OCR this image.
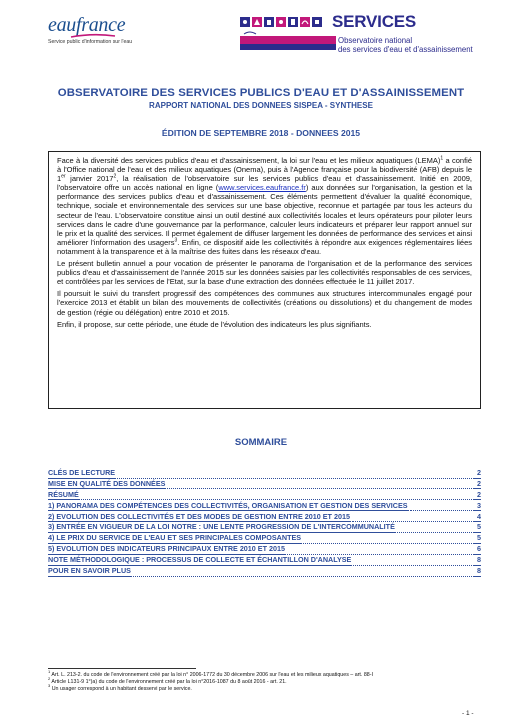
eaufrance
Service public d'information sur l'eau
SERVICES
Observatoire national
des services d'eau et d'assainissement
OBSERVATOIRE DES SERVICES PUBLICS D'EAU ET D'ASSAINISSEMENT
RAPPORT NATIONAL DES DONNEES SISPEA - SYNTHESE
ÉDITION DE SEPTEMBRE 2018 - DONNEES 2015

Face à la diversité des services publics d'eau et d'assainissement, la loi sur l'eau et les milieux aquatiques (LEMA)$^1$ a confié à l'Office national de l'eau et des milieux aquatiques (Onema), puis à l'Agence française pour la biodiversité (AFB) depuis le 1er janvier 2017$^2$, la réalisation de l'observatoire sur les services publics d'eau et d'assainissement. Initié en 2009, l'observatoire offre un accès national en ligne (www.services.eaufrance.fr) aux données sur l'organisation, la gestion et la performance des services publics d'eau et d'assainissement. Ces éléments permettent d'évaluer la qualité économique, technique, sociale et environnementale des services sur une base objective, reconnue et partagée par tous les acteurs du secteur de l'eau. L'observatoire constitue ainsi un outil destiné aux collectivités locales et leurs opérateurs pour piloter leurs services dans le cadre d'une gouvernance par la performance, calculer leurs indicateurs et préparer leur rapport annuel sur le prix et la qualité des services. Il permet également de diffuser largement les données de performance des services et ainsi améliorer l'information des usagers$^3$. Enfin, ce dispositif aide les collectivités à répondre aux exigences réglementaires liées notamment à la transparence et à la maîtrise des fuites dans les réseaux d'eau.

Le présent bulletin annuel a pour vocation de présenter le panorama de l'organisation et de la performance des services publics d'eau et d'assainissement de l'année 2015 sur les données saisies par les collectivités responsables de ces services, et contrôlées par les services de l'Etat, sur la base d'une extraction des données effectuée le 11 juillet 2017.

Il poursuit le suivi du transfert progressif des compétences des communes aux structures intercommunales engagé pour l'exercice 2013 et établit un bilan des mouvements de collectivités (créations ou dissolutions) et du changement de modes de gestion (régie ou délégation) entre 2010 et 2015.

Enfin, il propose, sur cette période, une étude de l'évolution des indicateurs les plus signifiants.

SOMMAIRE
CLÉS DE LECTURE	2
MISE EN QUALITÉ DES DONNÉES	2
RÉSUMÉ	2
1) PANORAMA DES COMPÉTENCES DES COLLECTIVITÉS, ORGANISATION ET GESTION DES SERVICES	3
2) EVOLUTION DES COLLECTIVITÉS ET DES MODES DE GESTION ENTRE 2010 ET 2015	4
3) ENTRÉE EN VIGUEUR DE LA LOI NOTRE : UNE LENTE PROGRESSION DE L'INTERCOMMUNALITÉ	5
4) LE PRIX DU SERVICE DE L'EAU ET SES PRINCIPALES COMPOSANTES	5
5) EVOLUTION DES INDICATEURS PRINCIPAUX ENTRE 2010 ET 2015	6
NOTE MÉTHODOLOGIQUE : PROCESSUS DE COLLECTE ET ÉCHANTILLON D'ANALYSE	8
POUR EN SAVOIR PLUS	8

$^1$ Art. L. 213-2. du code de l'environnement créé par la loi n° 2006-1772 du 30 décembre 2006 sur l'eau et les milieux aquatiques – art. 88-I

$^2$ Article L131-9 1°)a) du code de l'environnement créé par la loi n°2016-1087 du 8 août 2016 - art. 21.

$^3$ Un usager correspond à un habitant desservi par le service.

- 1 -
